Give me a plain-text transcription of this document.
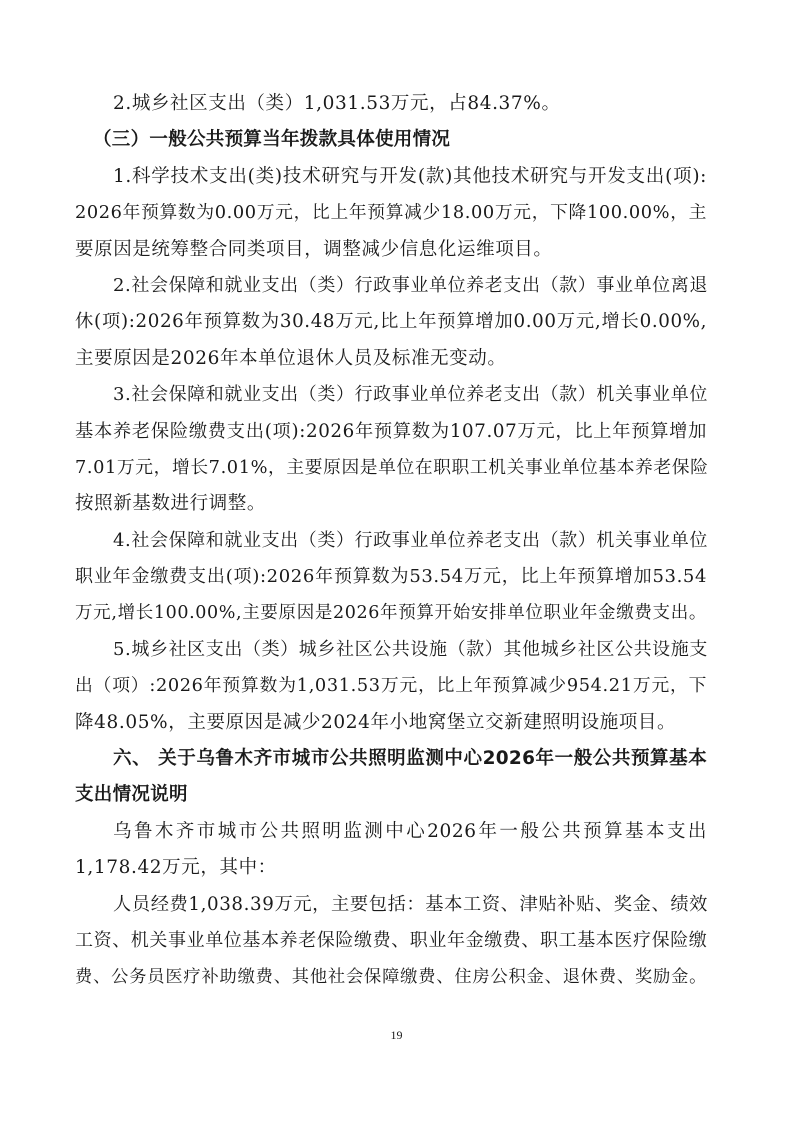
2.城乡社区支出（类）1,031.53万元，占84.37%。
（三）一般公共预算当年拨款具体使用情况
1.科学技术支出(类)技术研究与开发(款)其他技术研究与开发支出(项):
2026年预算数为0.00万元，比上年预算减少18.00万元，下降100.00%，主
要原因是统筹整合同类项目，调整减少信息化运维项目。
2.社会保障和就业支出（类）行政事业单位养老支出（款）事业单位离退
休(项):2026年预算数为30.48万元,比上年预算增加0.00万元,增长0.00%,
主要原因是2026年本单位退休人员及标准无变动。
3.社会保障和就业支出（类）行政事业单位养老支出（款）机关事业单位
基本养老保险缴费支出(项):2026年预算数为107.07万元，比上年预算增加
7.01万元，增长7.01%，主要原因是单位在职职工机关事业单位基本养老保险
按照新基数进行调整。
4.社会保障和就业支出（类）行政事业单位养老支出（款）机关事业单位
职业年金缴费支出(项):2026年预算数为53.54万元，比上年预算增加53.54
万元,增长100.00%,主要原因是2026年预算开始安排单位职业年金缴费支出。
5.城乡社区支出（类）城乡社区公共设施（款）其他城乡社区公共设施支
出（项）:2026年预算数为1,031.53万元，比上年预算减少954.21万元，下
降48.05%，主要原因是减少2024年小地窝堡立交新建照明设施项目。
六、 关于乌鲁木齐市城市公共照明监测中心2026年一般公共预算基本
支出情况说明
乌鲁木齐市城市公共照明监测中心2026年一般公共预算基本支出
1,178.42万元，其中：
人员经费1,038.39万元，主要包括：基本工资、津贴补贴、奖金、绩效
工资、机关事业单位基本养老保险缴费、职业年金缴费、职工基本医疗保险缴
费、公务员医疗补助缴费、其他社会保障缴费、住房公积金、退休费、奖励金。
19
